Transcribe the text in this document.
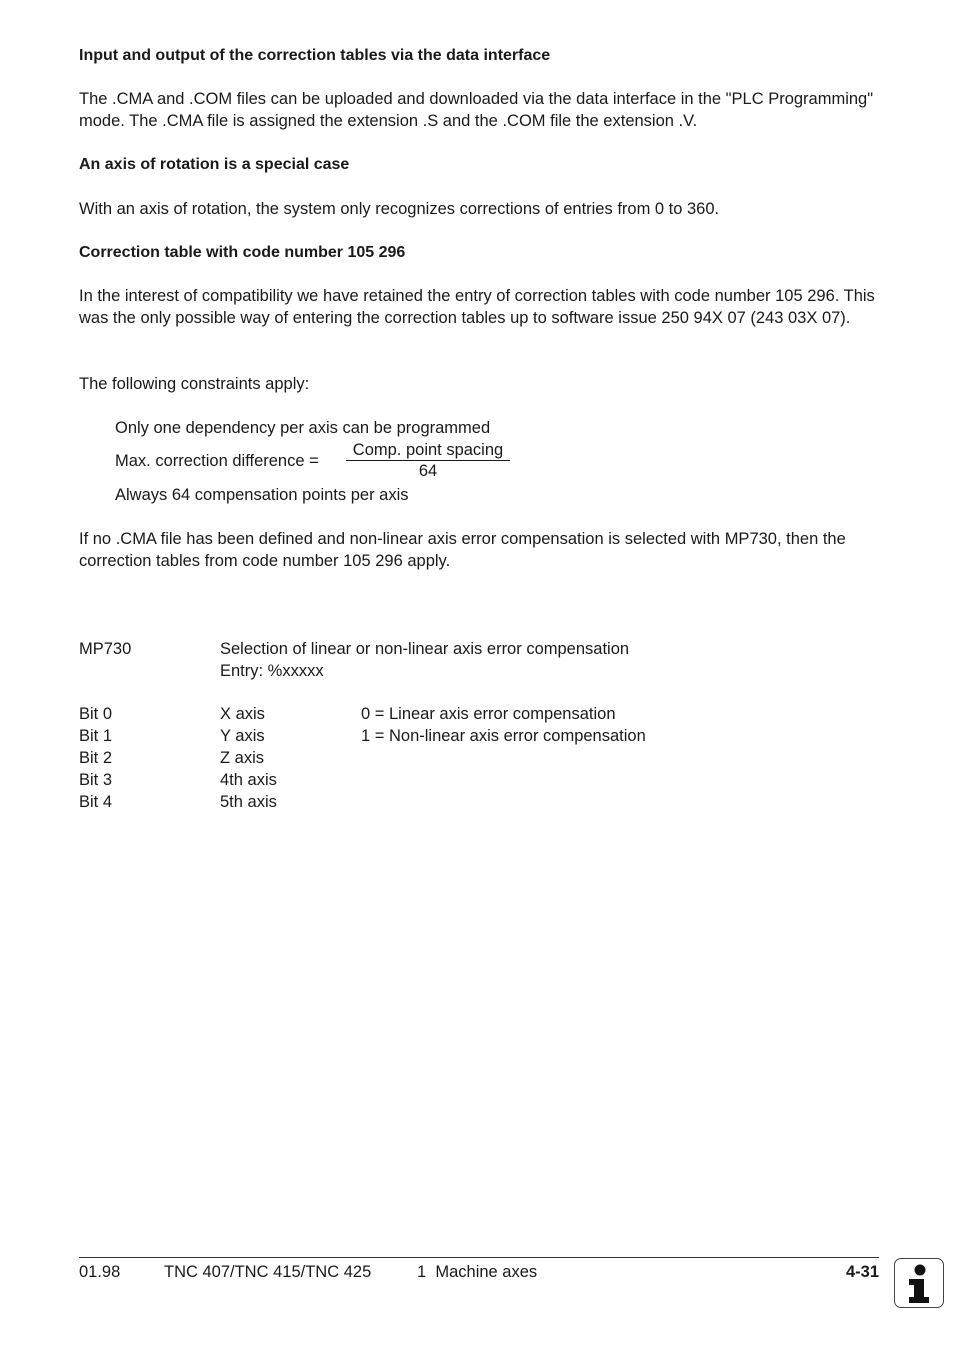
Input and output of the correction tables via the data interface
The .CMA and .COM files can be uploaded and downloaded via the data interface in the "PLC Programming" mode. The .CMA file is assigned the extension .S and the .COM file the extension .V.
An axis of rotation is a special case
With an axis of rotation, the system only recognizes corrections of entries from 0 to 360.
Correction table with code number 105 296
In the interest of compatibility we have retained the entry of correction tables with code number 105 296. This was the only possible way of entering the correction tables up to software issue 250 94X 07 (243 03X 07).
The following constraints apply:
Only one dependency per axis can be programmed
Max. correction difference =
Comp. point spacing
64
Always 64 compensation points per axis
If no .CMA file has been defined and non-linear axis error compensation is selected with MP730, then the correction tables from code number 105 296 apply.
MP730	Selection of linear or non-linear axis error compensation
Entry: %xxxxx
Bit 0	X axis	0 = Linear axis error compensation
Bit 1	Y axis	1 = Non-linear axis error compensation
Bit 2	Z axis
Bit 3	4th axis
Bit 4	5th axis
01.98	TNC 407/TNC 415/TNC 425	1  Machine axes	4-31
